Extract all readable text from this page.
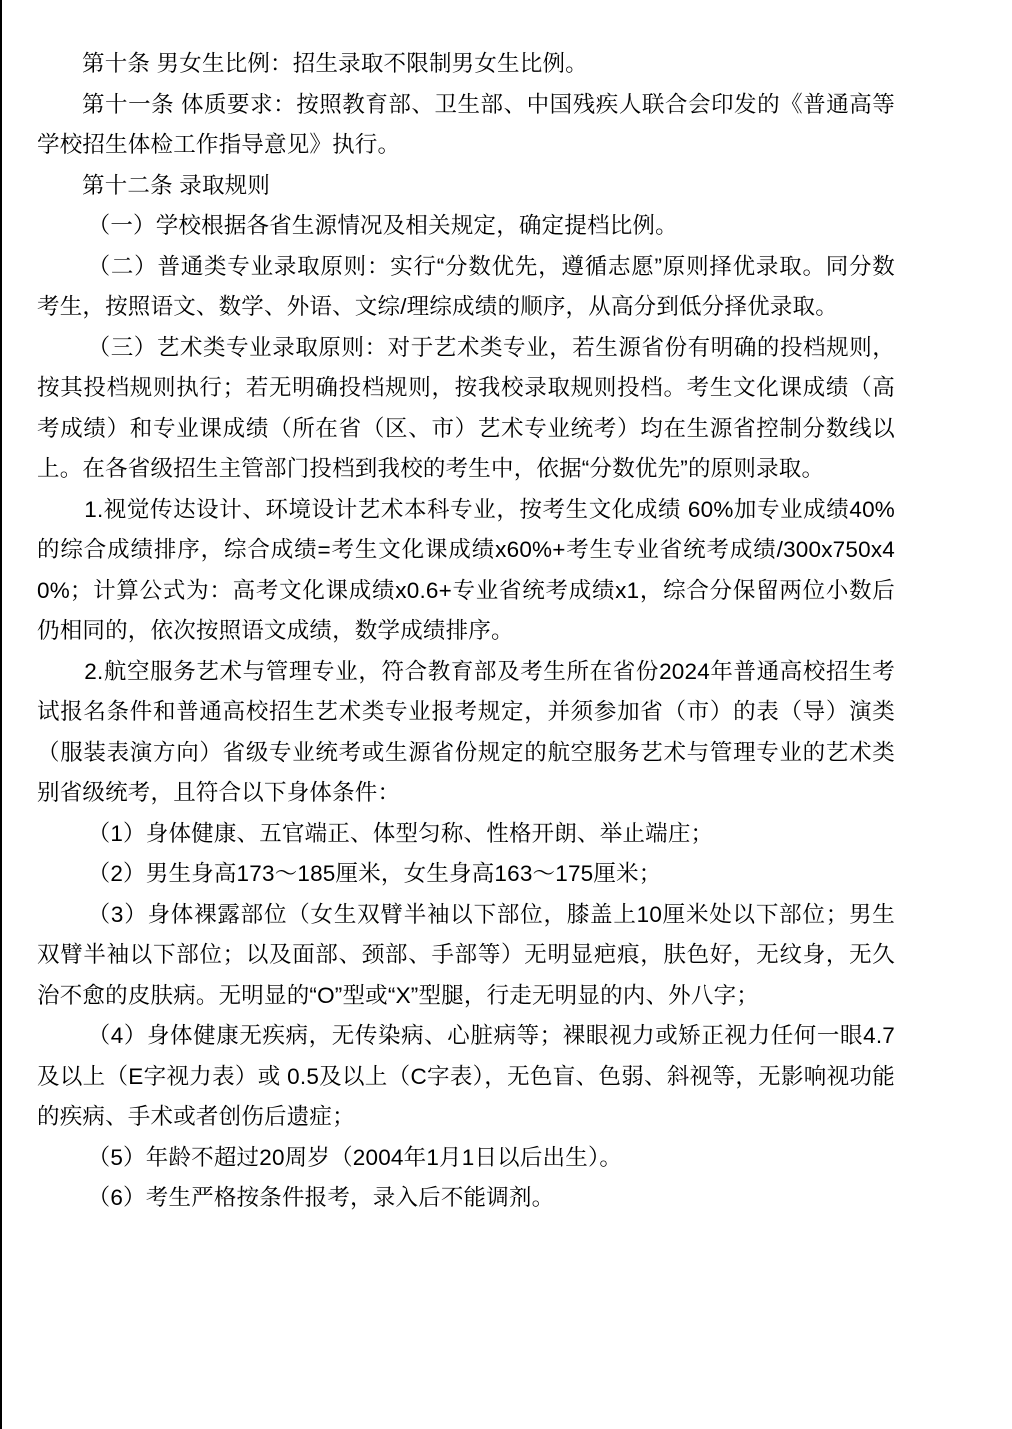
第十条 男女生比例：招生录取不限制男女生比例。

第十一条 体质要求：按照教育部、卫生部、中国残疾人联合会印发的《普通高等学校招生体检工作指导意见》执行。

第十二条 录取规则

（一）学校根据各省生源情况及相关规定，确定提档比例。

（二）普通类专业录取原则：实行“分数优先，遵循志愿”原则择优录取。同分数考生，按照语文、数学、外语、文综/理综成绩的顺序，从高分到低分择优录取。

（三）艺术类专业录取原则：对于艺术类专业，若生源省份有明确的投档规则，按其投档规则执行；若无明确投档规则，按我校录取规则投档。考生文化课成绩（高考成绩）和专业课成绩（所在省（区、市）艺术专业统考）均在生源省控制分数线以上。在各省级招生主管部门投档到我校的考生中，依据“分数优先”的原则录取。

1.视觉传达设计、环境设计艺术本科专业，按考生文化成绩 60%加专业成绩40%的综合成绩排序，综合成绩=考生文化课成绩x60%+考生专业省统考成绩/300x750x40%；计算公式为：高考文化课成绩x0.6+专业省统考成绩x1，综合分保留两位小数后仍相同的，依次按照语文成绩，数学成绩排序。

2.航空服务艺术与管理专业，符合教育部及考生所在省份2024年普通高校招生考试报名条件和普通高校招生艺术类专业报考规定，并须参加省（市）的表（导）演类（服装表演方向）省级专业统考或生源省份规定的航空服务艺术与管理专业的艺术类别省级统考，且符合以下身体条件：

（1）身体健康、五官端正、体型匀称、性格开朗、举止端庄；

（2）男生身高173～185厘米，女生身高163～175厘米；

（3）身体裸露部位（女生双臂半袖以下部位，膝盖上10厘米处以下部位；男生双臂半袖以下部位；以及面部、颈部、手部等）无明显疤痕，肤色好，无纹身，无久治不愈的皮肤病。无明显的“O”型或“X”型腿，行走无明显的内、外八字；

（4）身体健康无疾病，无传染病、心脏病等；裸眼视力或矫正视力任何一眼4.7及以上（E字视力表）或 0.5及以上（C字表），无色盲、色弱、斜视等，无影响视功能的疾病、手术或者创伤后遗症；

（5）年龄不超过20周岁（2004年1月1日以后出生）。

（6）考生严格按条件报考，录入后不能调剂。
